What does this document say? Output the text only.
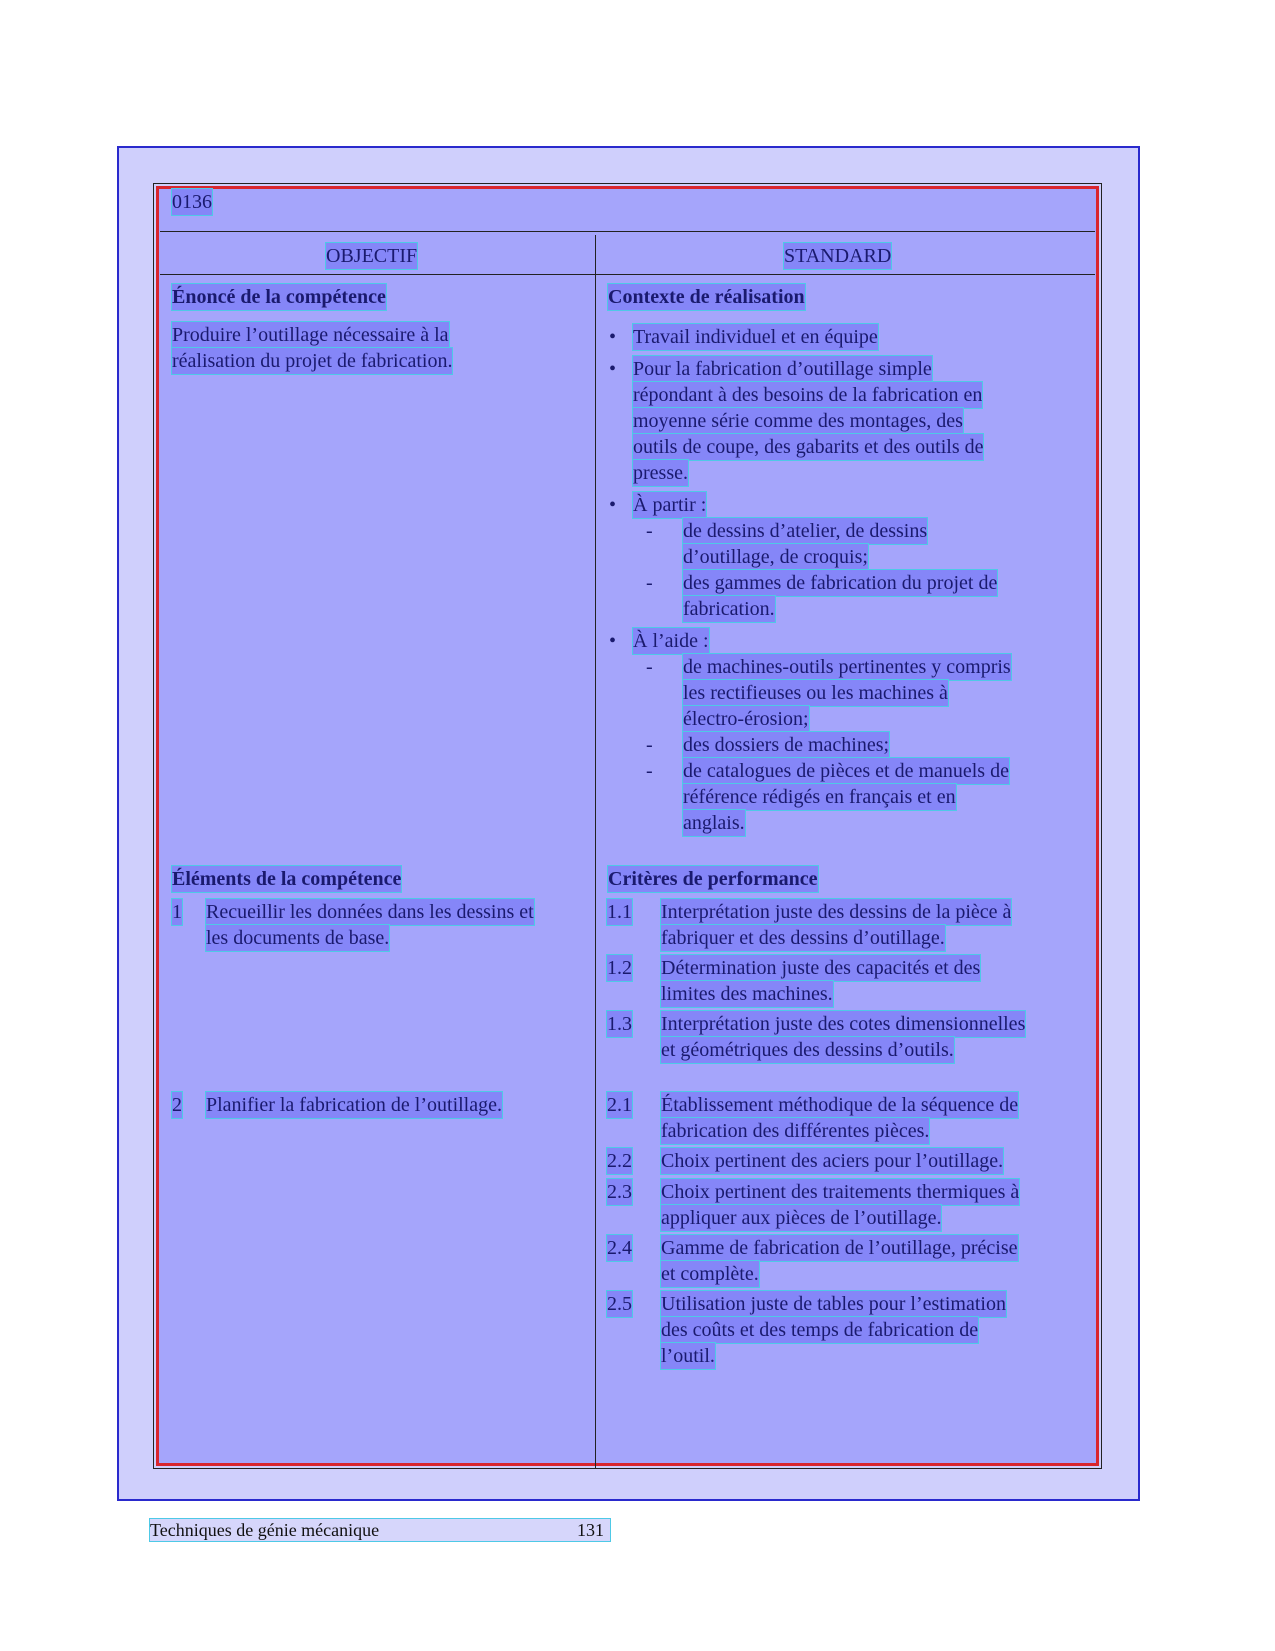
0136
OBJECTIF	STANDARD
Énoncé de la compétence
Produire l’outillage nécessaire à la
réalisation du projet de fabrication.
Contexte de réalisation
• Travail individuel et en équipe
• Pour la fabrication d’outillage simple
répondant à des besoins de la fabrication en
moyenne série comme des montages, des
outils de coupe, des gabarits et des outils de
presse.
• À partir :
- de dessins d’atelier, de dessins
d’outillage, de croquis;
- des gammes de fabrication du projet de
fabrication.
• À l’aide :
- de machines-outils pertinentes y compris
les rectifieuses ou les machines à
électro-érosion;
- des dossiers de machines;
- de catalogues de pièces et de manuels de
référence rédigés en français et en
anglais.
Éléments de la compétence
1 Recueillir les données dans les dessins et
les documents de base.
2 Planifier la fabrication de l’outillage.
Critères de performance
1.1 Interprétation juste des dessins de la pièce à
fabriquer et des dessins d’outillage.
1.2 Détermination juste des capacités et des
limites des machines.
1.3 Interprétation juste des cotes dimensionnelles
et géométriques des dessins d’outils.
2.1 Établissement méthodique de la séquence de
fabrication des différentes pièces.
2.2 Choix pertinent des aciers pour l’outillage.
2.3 Choix pertinent des traitements thermiques à
appliquer aux pièces de l’outillage.
2.4 Gamme de fabrication de l’outillage, précise
et complète.
2.5 Utilisation juste de tables pour l’estimation
des coûts et des temps de fabrication de
l’outil.
Techniques de génie mécanique	131
